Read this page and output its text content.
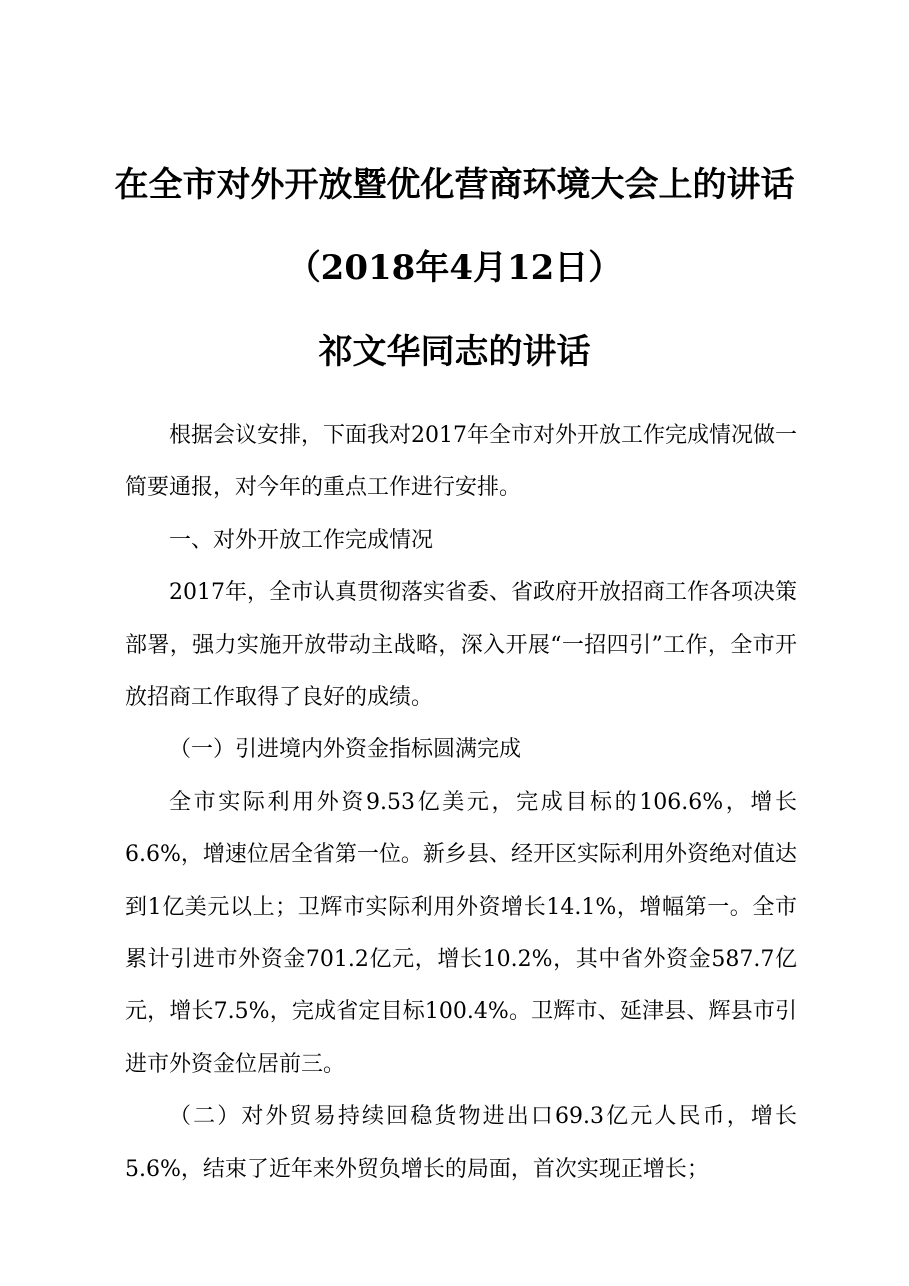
在全市对外开放暨优化营商环境大会上的讲话
（2018年4月12日）
祁文华同志的讲话

根据会议安排，下面我对2017年全市对外开放工作完成情况做一简要通报，对今年的重点工作进行安排。

一、对外开放工作完成情况

2017年，全市认真贯彻落实省委、省政府开放招商工作各项决策部署，强力实施开放带动主战略，深入开展“一招四引”工作，全市开放招商工作取得了良好的成绩。

（一）引进境内外资金指标圆满完成

全市实际利用外资9.53亿美元，完成目标的106.6%，增长6.6%，增速位居全省第一位。新乡县、经开区实际利用外资绝对值达到1亿美元以上；卫辉市实际利用外资增长14.1%，增幅第一。全市累计引进市外资金701.2亿元，增长10.2%，其中省外资金587.7亿元，增长7.5%，完成省定目标100.4%。卫辉市、延津县、辉县市引进市外资金位居前三。

（二）对外贸易持续回稳货物进出口69.3亿元人民币，增长5.6%，结束了近年来外贸负增长的局面，首次实现正增长；
